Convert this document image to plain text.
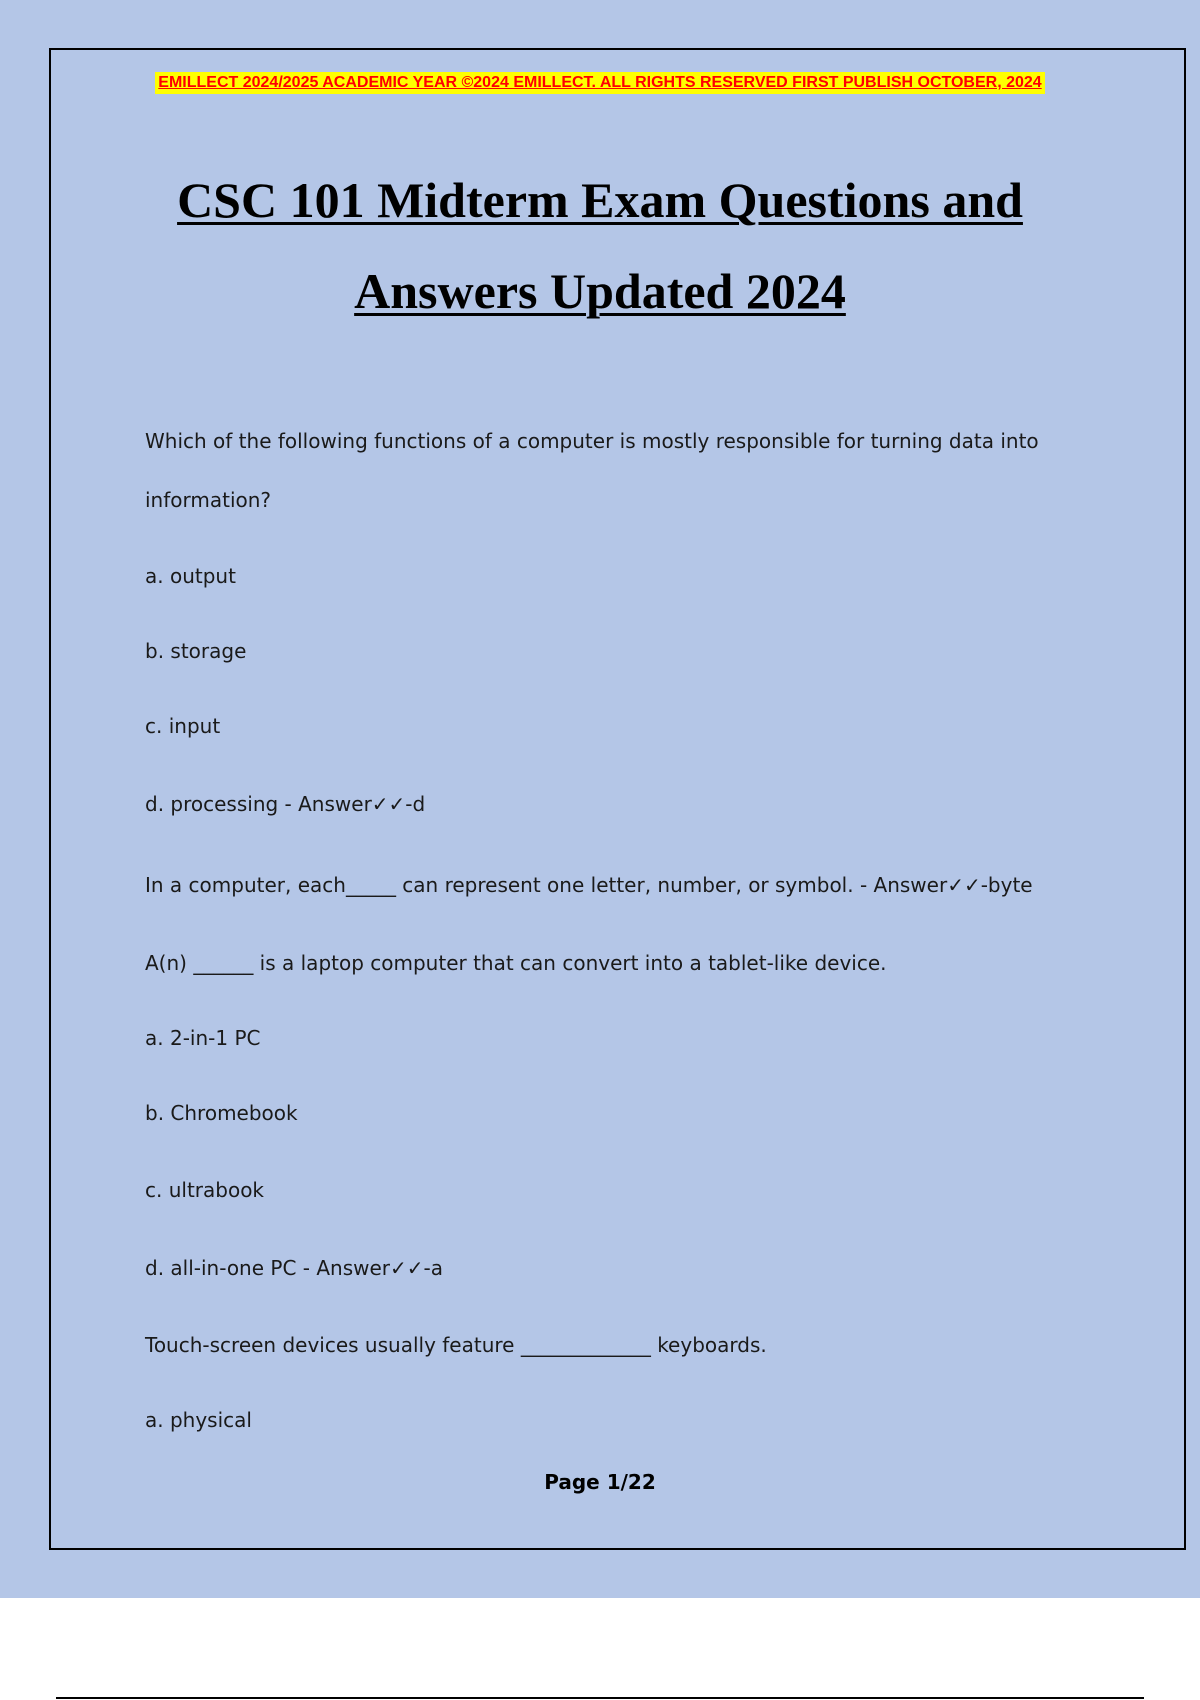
EMILLECT 2024/2025 ACADEMIC YEAR ©2024 EMILLECT. ALL RIGHTS RESERVED FIRST PUBLISH OCTOBER, 2024
CSC 101 Midterm Exam Questions and
Answers Updated 2024
Which of the following functions of a computer is mostly responsible for turning data into
information?
a. output
b. storage
c. input
d. processing - Answer✓✓-d
In a computer, each_____ can represent one letter, number, or symbol. - Answer✓✓-byte
A(n) ______ is a laptop computer that can convert into a tablet-like device.
a. 2-in-1 PC
b. Chromebook
c. ultrabook
d. all-in-one PC - Answer✓✓-a
Touch-screen devices usually feature _____________ keyboards.
a. physical
Page 1/22
